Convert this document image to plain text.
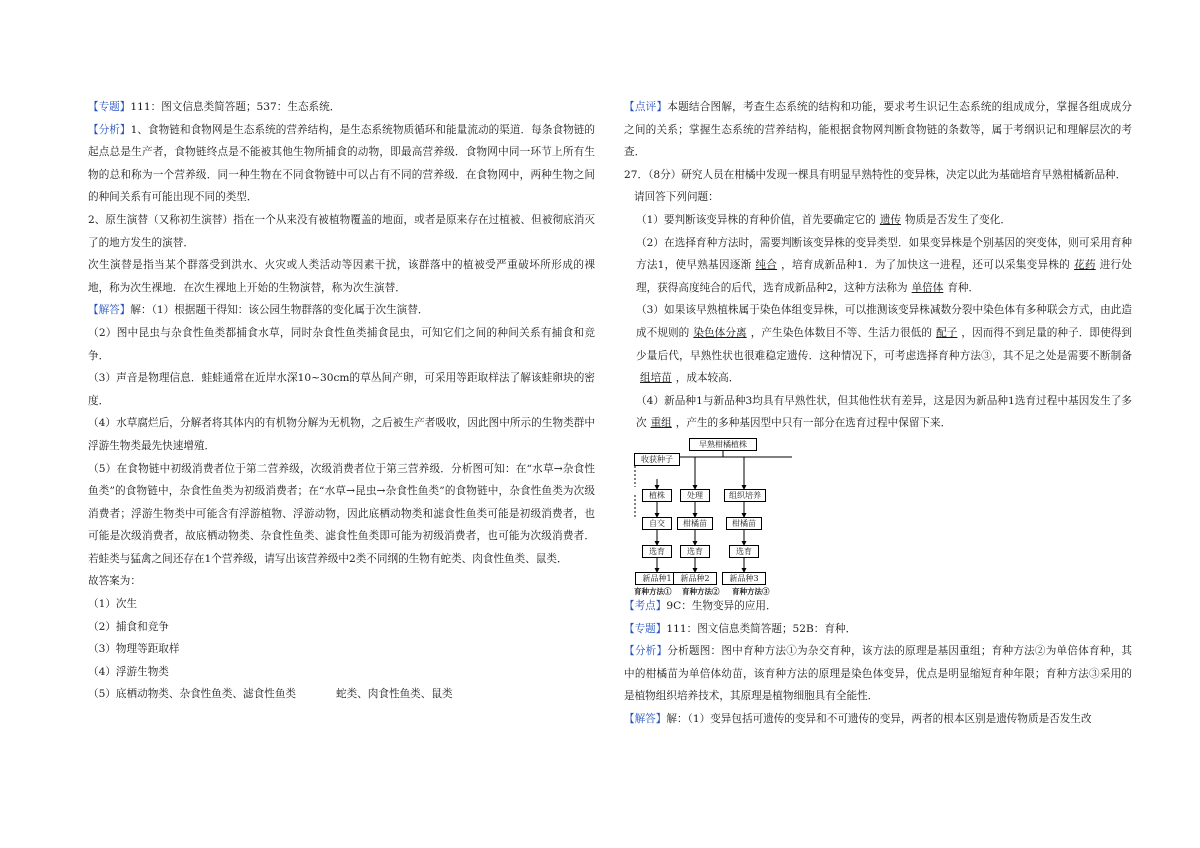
【专题】111：图文信息类简答题；537：生态系统．

【分析】1、食物链和食物网是生态系统的营养结构，是生态系统物质循环和能量流动的渠道．每条食物链的起点总是生产者，食物链终点是不能被其他生物所捕食的动物，即最高营养级．食物网中同一环节上所有生物的总和称为一个营养级．同一种生物在不同食物链中可以占有不同的营养级．在食物网中，两种生物之间的种间关系有可能出现不同的类型．

2、原生演替（又称初生演替）指在一个从来没有被植物覆盖的地面，或者是原来存在过植被、但被彻底消灭了的地方发生的演替．

次生演替是指当某个群落受到洪水、火灾或人类活动等因素干扰，该群落中的植被受严重破坏所形成的裸地，称为次生裸地．在次生裸地上开始的生物演替，称为次生演替．

【解答】解：（1）根据题干得知：该公园生物群落的变化属于次生演替．

（2）图中昆虫与杂食性鱼类都捕食水草，同时杂食性鱼类捕食昆虫，可知它们之间的种间关系有捕食和竞争．

（3）声音是物理信息．蛙蛙通常在近岸水深10~30cm的草丛间产卵，可采用等距取样法了解该蛙卵块的密度．

（4）水草腐烂后，分解者将其体内的有机物分解为无机物，之后被生产者吸收，因此图中所示的生物类群中浮游生物类最先快速增殖．

（5）在食物链中初级消费者位于第二营养级，次级消费者位于第三营养级．分析图可知：在“水草→杂食性鱼类”的食物链中，杂食性鱼类为初级消费者；在“水草→昆虫→杂食性鱼类”的食物链中，杂食性鱼类为次级消费者；浮游生物类中可能含有浮游植物、浮游动物，因此底栖动物类和滤食性鱼类可能是初级消费者，也可能是次级消费者，故底栖动物类、杂食性鱼类、滤食性鱼类即可能为初级消费者，也可能为次级消费者．若蛙类与猛禽之间还存在1个营养级，请写出该营养级中2类不同纲的生物有蛇类、肉食性鱼类、鼠类．

故答案为：

（1）次生

（2）捕食和竞争

（3）物理等距取样

（4）浮游生物类

（5）底栖动物类、杂食性鱼类、滤食性鱼类	蛇类、肉食性鱼类、鼠类

【点评】本题结合图解，考查生态系统的结构和功能，要求考生识记生态系统的组成成分，掌握各组成成分之间的关系；掌握生态系统的营养结构，能根据食物网判断食物链的条数等，属于考纲识记和理解层次的考查．

27．（8分）研究人员在柑橘中发现一棵具有明显早熟特性的变异株，决定以此为基础培育早熟柑橘新品种．

请回答下列问题：

（1）要判断该变异株的育种价值，首先要确定它的 遗传 物质是否发生了变化．

（2）在选择育种方法时，需要判断该变异株的变异类型．如果变异株是个别基因的突变体，则可采用育种方法1，使早熟基因逐渐 纯合 ，培育成新品种1．为了加快这一进程，还可以采集变异株的 花药 进行处理，获得高度纯合的后代，选育成新品种2，这种方法称为 单倍体 育种．

（3）如果该早熟植株属于染色体组变异株，可以推测该变异株减数分裂中染色体有多种联会方式，由此造成不规则的 染色体分离 ，产生染色体数目不等、生活力很低的 配子 ，因而得不到足量的种子．即使得到少量后代，早熟性状也很难稳定遗传．这种情况下，可考虑选择育种方法③，其不足之处是需要不断制备组培苗 ，成本较高．

（4）新品种1与新品种3均具有早熟性状，但其他性状有差异，这是因为新品种1选育过程中基因发生了多次 重组 ，产生的多种基因型中只有一部分在选育过程中保留下来．

早熟柑橘植株
收获种子
植株
自交
选育
新品种1
处理
柑橘苗
选育
新品种2
组织培养
柑橘苗
选育
新品种3
育种方法① 育种方法② 育种方法③

【考点】9C：生物变异的应用．

【专题】111：图文信息类简答题；52B：育种．

【分析】分析题图：图中育种方法①为杂交育种，该方法的原理是基因重组；育种方法②为单倍体育种，其中的柑橘苗为单倍体幼苗，该育种方法的原理是染色体变异，优点是明显缩短育种年限；育种方法③采用的是植物组织培养技术，其原理是植物细胞具有全能性．

【解答】解：（1）变异包括可遗传的变异和不可遗传的变异，两者的根本区别是遗传物质是否发生改
